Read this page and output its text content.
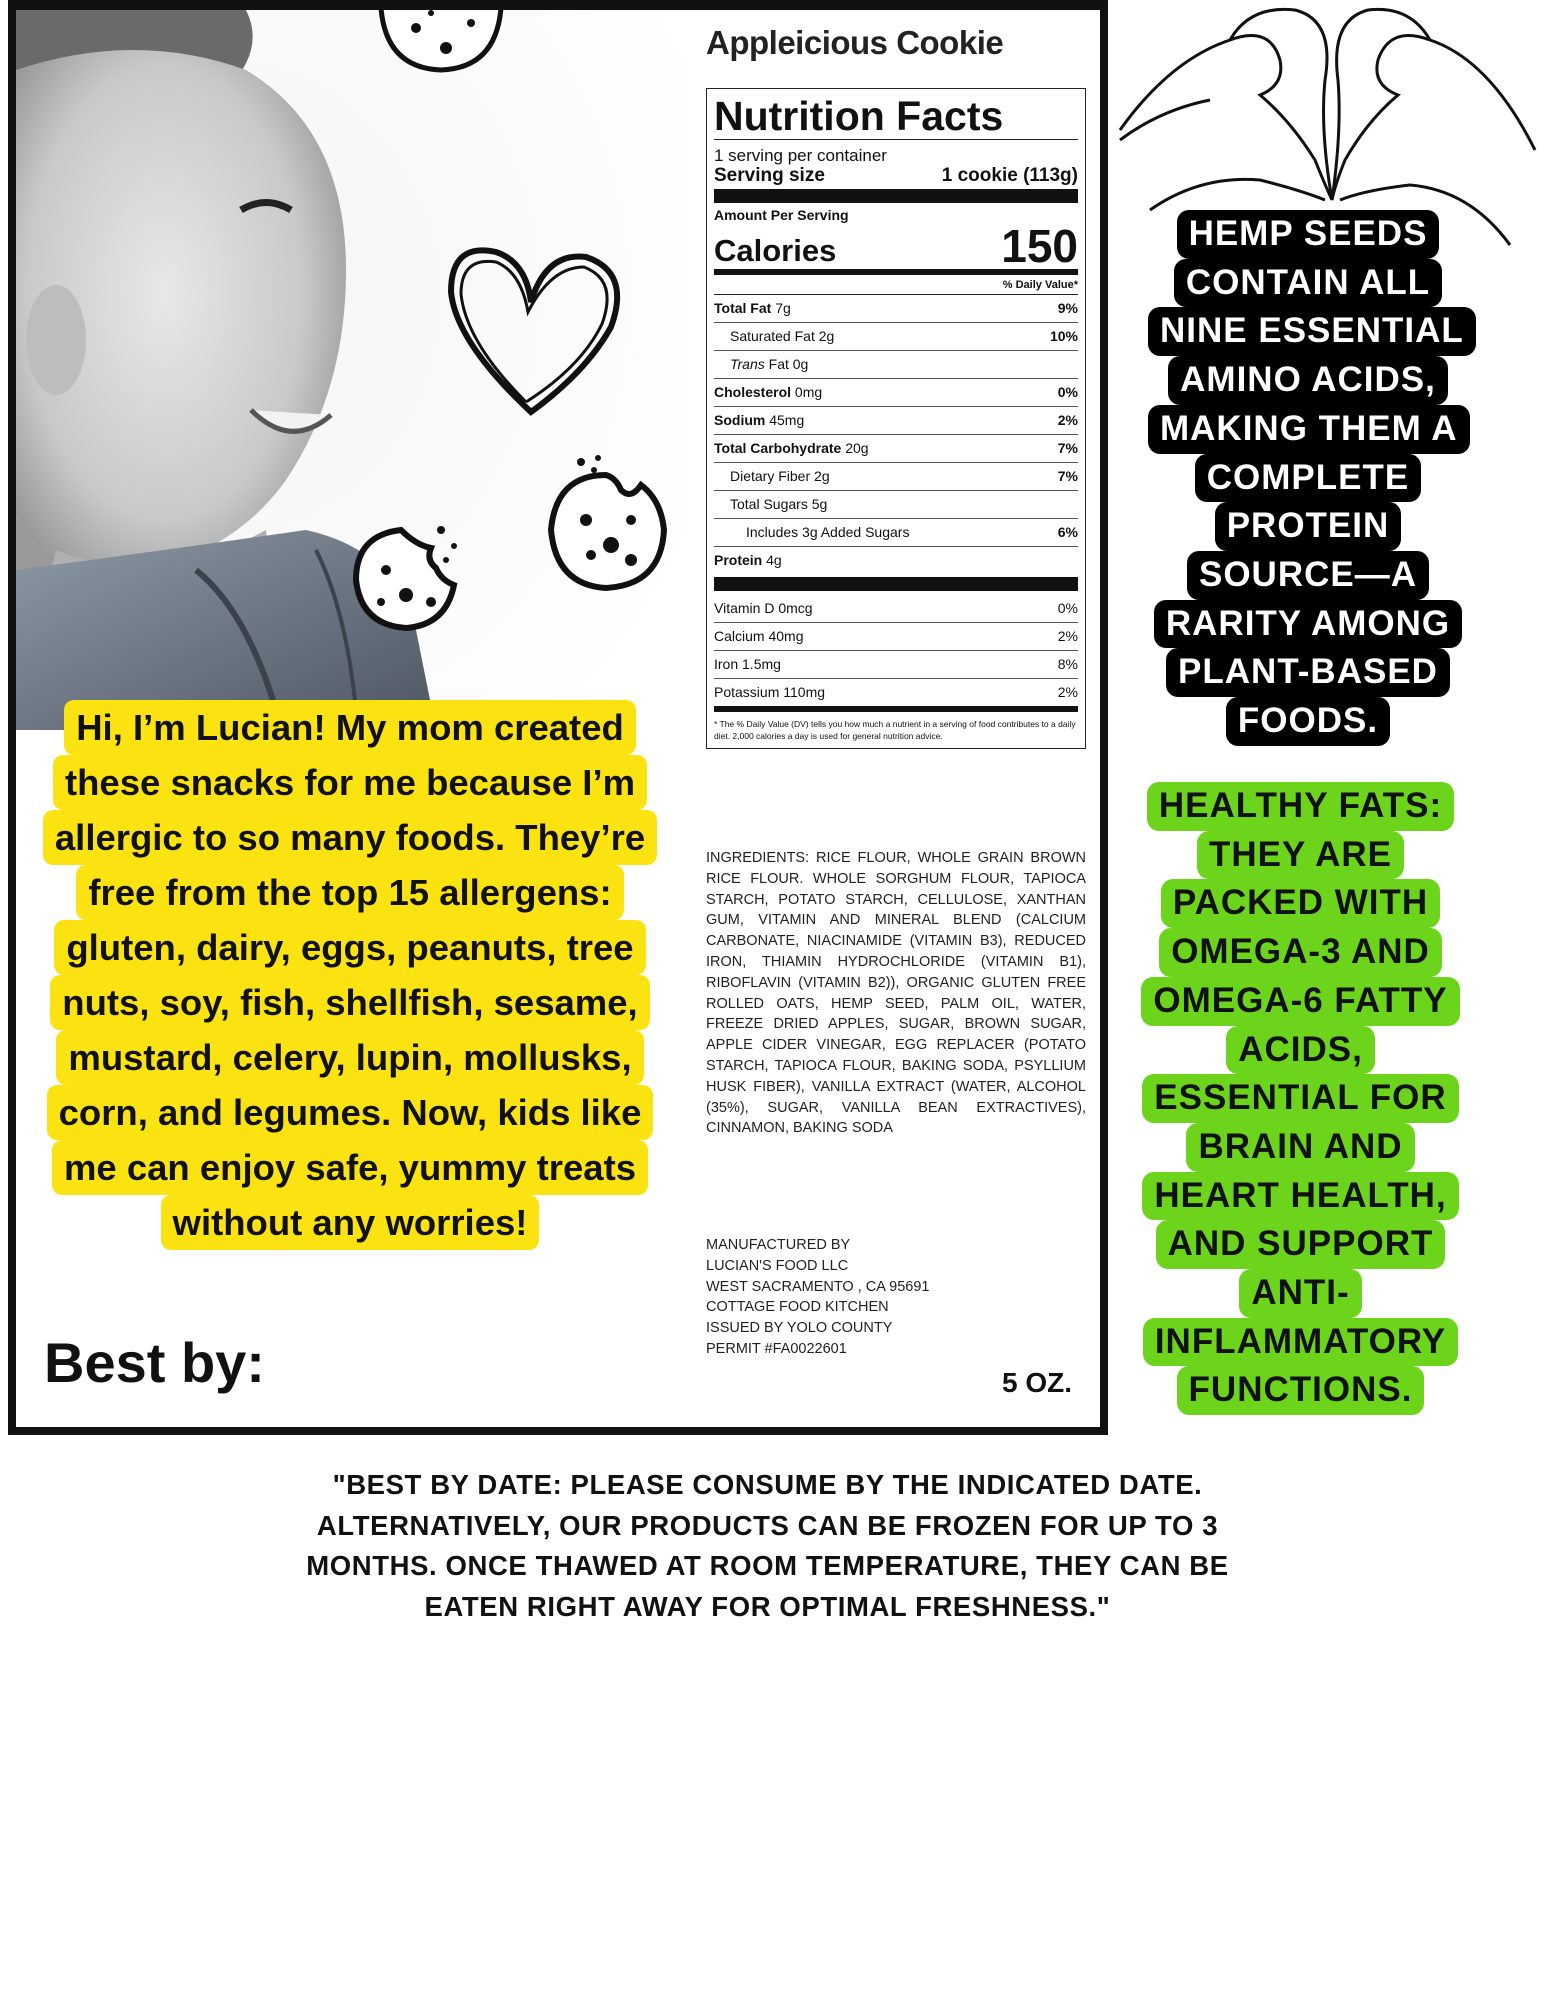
Appleicious Cookie
Nutrition Facts
1 serving per container
Serving size	1 cookie (113g)
Amount Per Serving
Calories	150
% Daily Value*
Total Fat 7g	9%
Saturated Fat 2g	10%
Trans Fat 0g
Cholesterol 0mg	0%
Sodium 45mg	2%
Total Carbohydrate 20g	7%
Dietary Fiber 2g	7%
Total Sugars 5g
Includes 3g Added Sugars	6%
Protein 4g
Vitamin D 0mcg	0%
Calcium 40mg	2%
Iron 1.5mg	8%
Potassium 110mg	2%
* The % Daily Value (DV) tells you how much a nutrient in a serving of food contributes to a daily diet. 2,000 calories a day is used for general nutrition advice.
INGREDIENTS: RICE FLOUR, WHOLE GRAIN BROWN RICE FLOUR. WHOLE SORGHUM FLOUR, TAPIOCA STARCH, POTATO STARCH, CELLULOSE, XANTHAN GUM, VITAMIN AND MINERAL BLEND (CALCIUM CARBONATE, NIACINAMIDE (VITAMIN B3), REDUCED IRON, THIAMIN HYDROCHLORIDE (VITAMIN B1), RIBOFLAVIN (VITAMIN B2)), ORGANIC GLUTEN FREE ROLLED OATS, HEMP SEED, PALM OIL, WATER, FREEZE DRIED APPLES, SUGAR, BROWN SUGAR, APPLE CIDER VINEGAR, EGG REPLACER (POTATO STARCH, TAPIOCA FLOUR, BAKING SODA, PSYLLIUM HUSK FIBER), VANILLA EXTRACT (WATER, ALCOHOL (35%), SUGAR, VANILLA BEAN EXTRACTIVES), CINNAMON, BAKING SODA
MANUFACTURED BY
LUCIAN'S FOOD LLC
WEST SACRAMENTO , CA 95691
COTTAGE FOOD KITCHEN
ISSUED BY YOLO COUNTY
PERMIT #FA0022601
5 OZ.
Best by:
Hi, I’m Lucian! My mom created
these snacks for me because I’m
allergic to so many foods. They’re
free from the top 15 allergens:
gluten, dairy, eggs, peanuts, tree
nuts, soy, fish, shellfish, sesame,
mustard, celery, lupin, mollusks,
corn, and legumes. Now, kids like
me can enjoy safe, yummy treats
without any worries!
HEMP SEEDS
CONTAIN ALL
NINE ESSENTIAL
AMINO ACIDS,
MAKING THEM A
COMPLETE
PROTEIN
SOURCE—A
RARITY AMONG
PLANT-BASED
FOODS.
HEALTHY FATS:
THEY ARE
PACKED WITH
OMEGA-3 AND
OMEGA-6 FATTY
ACIDS,
ESSENTIAL FOR
BRAIN AND
HEART HEALTH,
AND SUPPORT
ANTI-
INFLAMMATORY
FUNCTIONS.
"BEST BY DATE: PLEASE CONSUME BY THE INDICATED DATE.
ALTERNATIVELY, OUR PRODUCTS CAN BE FROZEN FOR UP TO 3
MONTHS. ONCE THAWED AT ROOM TEMPERATURE, THEY CAN BE
EATEN RIGHT AWAY FOR OPTIMAL FRESHNESS."
